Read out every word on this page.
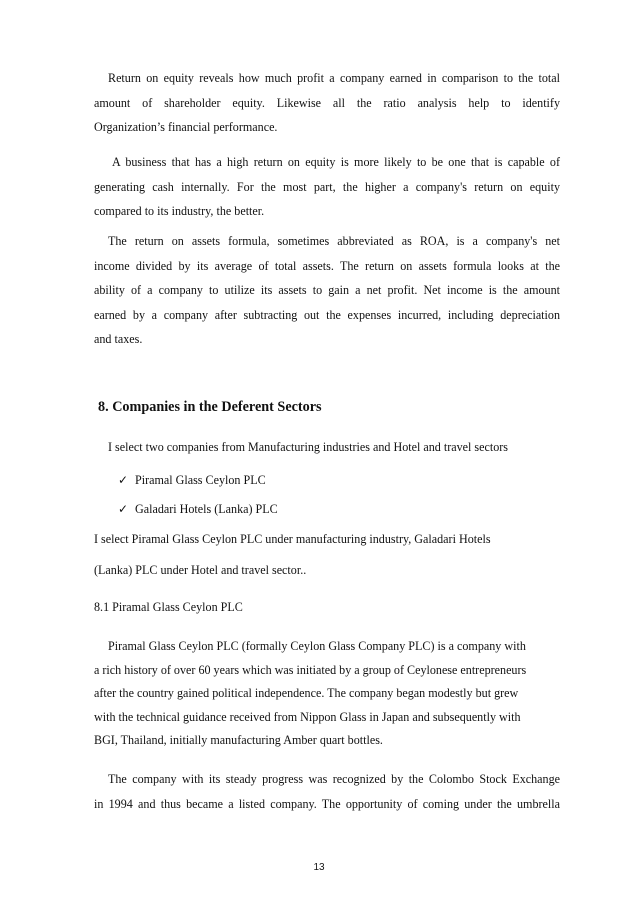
Return on equity reveals how much profit a company earned in comparison to the total
amount of shareholder equity. Likewise all the ratio analysis help to identify
Organization’s financial performance.
A business that has a high return on equity is more likely to be one that is capable of
generating cash internally. For the most part, the higher a company's return on equity
compared to its industry, the better.
The return on assets formula, sometimes abbreviated as ROA, is a company's net
income divided by its average of total assets. The return on assets formula looks at the
ability of a company to utilize its assets to gain a net profit. Net income is the amount
earned by a company after subtracting out the expenses incurred, including depreciation
and taxes.
8. Companies in the Deferent Sectors
I select two companies from Manufacturing industries and Hotel and travel sectors
✓ Piramal Glass Ceylon PLC
✓ Galadari Hotels (Lanka) PLC
I select Piramal Glass Ceylon PLC under manufacturing industry, Galadari Hotels
(Lanka) PLC under Hotel and travel sector..
8.1 Piramal Glass Ceylon PLC
Piramal Glass Ceylon PLC (formally Ceylon Glass Company PLC) is a company with
a rich history of over 60 years which was initiated by a group of Ceylonese entrepreneurs
after the country gained political independence. The company began modestly but grew
with the technical guidance received from Nippon Glass in Japan and subsequently with
BGI, Thailand, initially manufacturing Amber quart bottles.
The company with its steady progress was recognized by the Colombo Stock Exchange
in 1994 and thus became a listed company. The opportunity of coming under the umbrella
13
